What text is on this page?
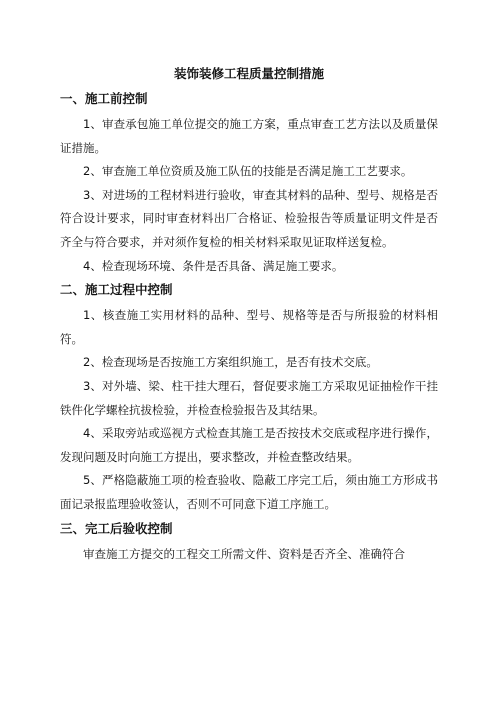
装饰装修工程质量控制措施
一、施工前控制

1、审查承包施工单位提交的施工方案，重点审查工艺方法以及质量保证措施。

2、审查施工单位资质及施工队伍的技能是否满足施工工艺要求。

3、对进场的工程材料进行验收，审查其材料的品种、型号、规格是否符合设计要求，同时审查材料出厂合格证、检验报告等质量证明文件是否齐全与符合要求，并对须作复检的相关材料采取见证取样送复检。

4、检查现场环境、条件是否具备、满足施工要求。

二、施工过程中控制

1、核查施工实用材料的品种、型号、规格等是否与所报验的材料相符。

2、检查现场是否按施工方案组织施工，是否有技术交底。

3、对外墙、梁、柱干挂大理石，督促要求施工方采取见证抽检作干挂铁件化学螺栓抗拔检验，并检查检验报告及其结果。

4、采取旁站或巡视方式检查其施工是否按技术交底或程序进行操作，发现问题及时向施工方提出，要求整改，并检查整改结果。

5、严格隐蔽施工项的检查验收、隐蔽工序完工后，须由施工方形成书面记录报监理验收签认，否则不可同意下道工序施工。

三、完工后验收控制

审查施工方提交的工程交工所需文件、资料是否齐全、准确符合
